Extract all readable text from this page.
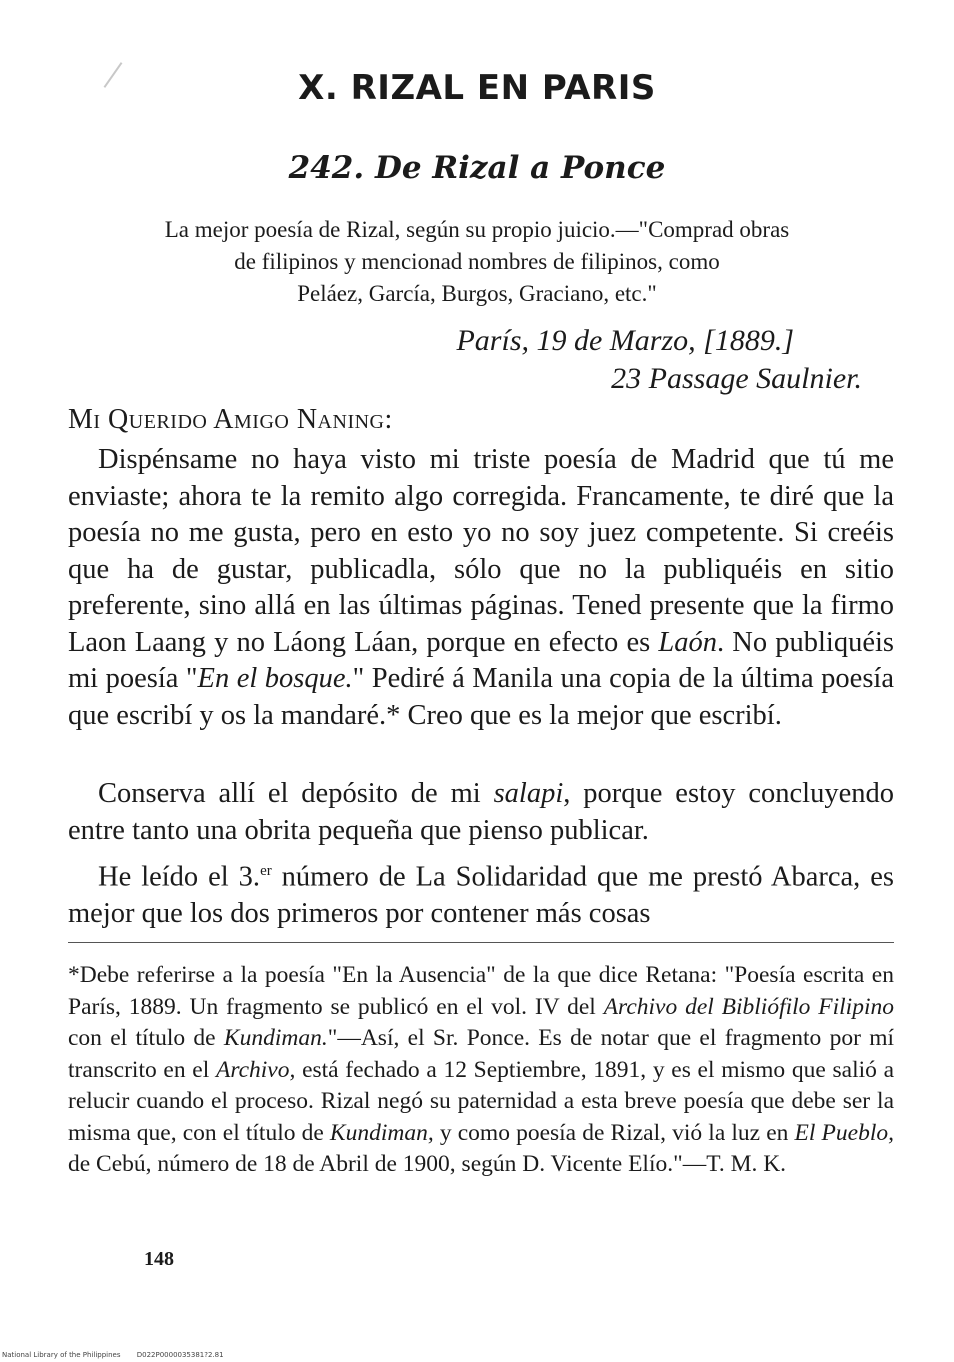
X. RIZAL EN PARIS
242. De Rizal a Ponce

La mejor poesía de Rizal, según su propio juicio.—"Comprad obras
de filipinos y mencionad nombres de filipinos, como
Peláez, García, Burgos, Graciano, etc."

París, 19 de Marzo, [1889.]
23 Passage Saulnier.

Mi Querido Amigo Naning:

Dispénsame no haya visto mi triste poesía de Madrid que tú me enviaste; ahora te la remito algo corregida. Francamente, te diré que la poesía no me gusta, pero en esto yo no soy juez competente. Si creéis que ha de gustar, publicadla, sólo que no la publiquéis en sitio preferente, sino allá en las últimas páginas. Tened presente que la firmo Laon Laang y no Láong Láan, porque en efecto es Laón. No publiquéis mi poesía "En el bosque." Pediré á Manila una copia de la última poesía que escribí y os la mandaré.* Creo que es la mejor que escribí.

Conserva allí el depósito de mi salapi, porque estoy concluyendo entre tanto una obrita pequeña que pienso publicar.

He leído el 3.$^{er}$ número de La Solidaridad que me prestó Abarca, es mejor que los dos primeros por contener más cosas

*Debe referirse a la poesía "En la Ausencia" de la que dice Retana: "Poesía escrita en París, 1889. Un fragmento se publicó en el vol. IV del Archivo del Bibliófilo Filipino con el título de Kundiman."—Así, el Sr. Ponce. Es de notar que el fragmento por mí transcrito en el Archivo, está fechado a 12 Septiembre, 1891, y es el mismo que salió a relucir cuando el proceso. Rizal negó su paternidad a esta breve poesía que debe ser la misma que, con el título de Kundiman, y como poesía de Rizal, vió la luz en El Pueblo, de Cebú, número de 18 de Abril de 1900, según D. Vicente Elío."—T. M. K.

148
National Library of the Philippines D022P0000035381?2.81
